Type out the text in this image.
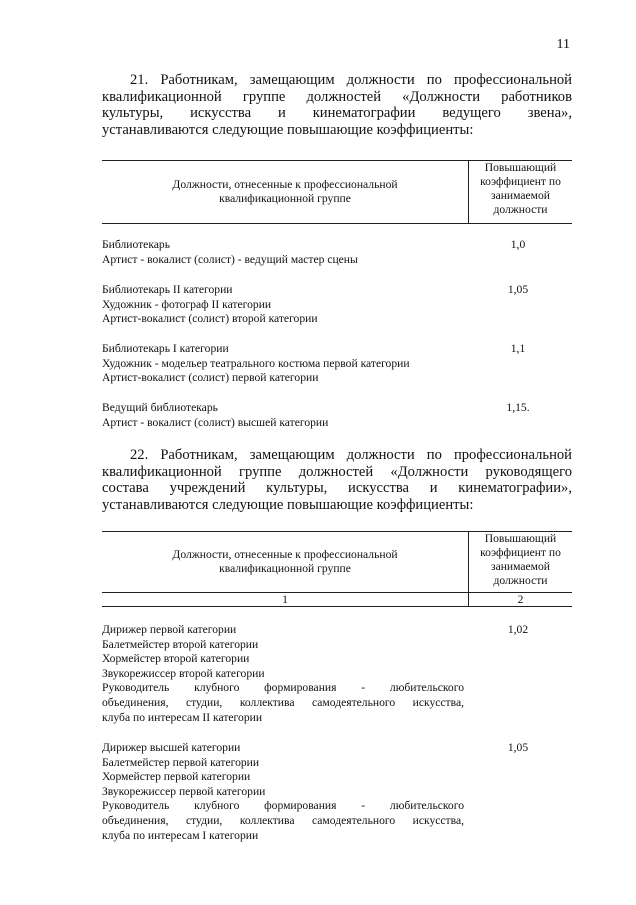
11
21. Работникам, замещающим должности по профессиональной
квалификационной группе должностей «Должности работников
культуры, искусства и кинематографии ведущего звена»,
устанавливаются следующие повышающие коэффициенты:
Должности, отнесенные к профессиональной квалификационной группе
Повышающий коэффициент по занимаемой должности
Библиотекарь
Артист - вокалист (солист) - ведущий мастер сцены
1,0
Библиотекарь II категории
Художник - фотограф II категории
Артист-вокалист (солист) второй категории
1,05
Библиотекарь I категории
Художник - модельер театрального костюма первой категории
Артист-вокалист (солист) первой категории
1,1
Ведущий библиотекарь
Артист - вокалист (солист) высшей категории
1,15.
22. Работникам, замещающим должности по профессиональной
квалификационной группе должностей «Должности руководящего
состава учреждений культуры, искусства и кинематографии»,
устанавливаются следующие повышающие коэффициенты:
Должности, отнесенные к профессиональной квалификационной группе
Повышающий коэффициент по занимаемой должности
1	2
Дирижер первой категории
Балетмейстер второй категории
Хормейстер второй категории
Звукорежиссер второй категории
Руководитель клубного формирования - любительского
объединения, студии, коллектива самодеятельного искусства,
клуба по интересам II категории
1,02
Дирижер высшей категории
Балетмейстер первой категории
Хормейстер первой категории
Звукорежиссер первой категории
Руководитель клубного формирования - любительского
объединения, студии, коллектива самодеятельного искусства,
клуба по интересам I категории
1,05
